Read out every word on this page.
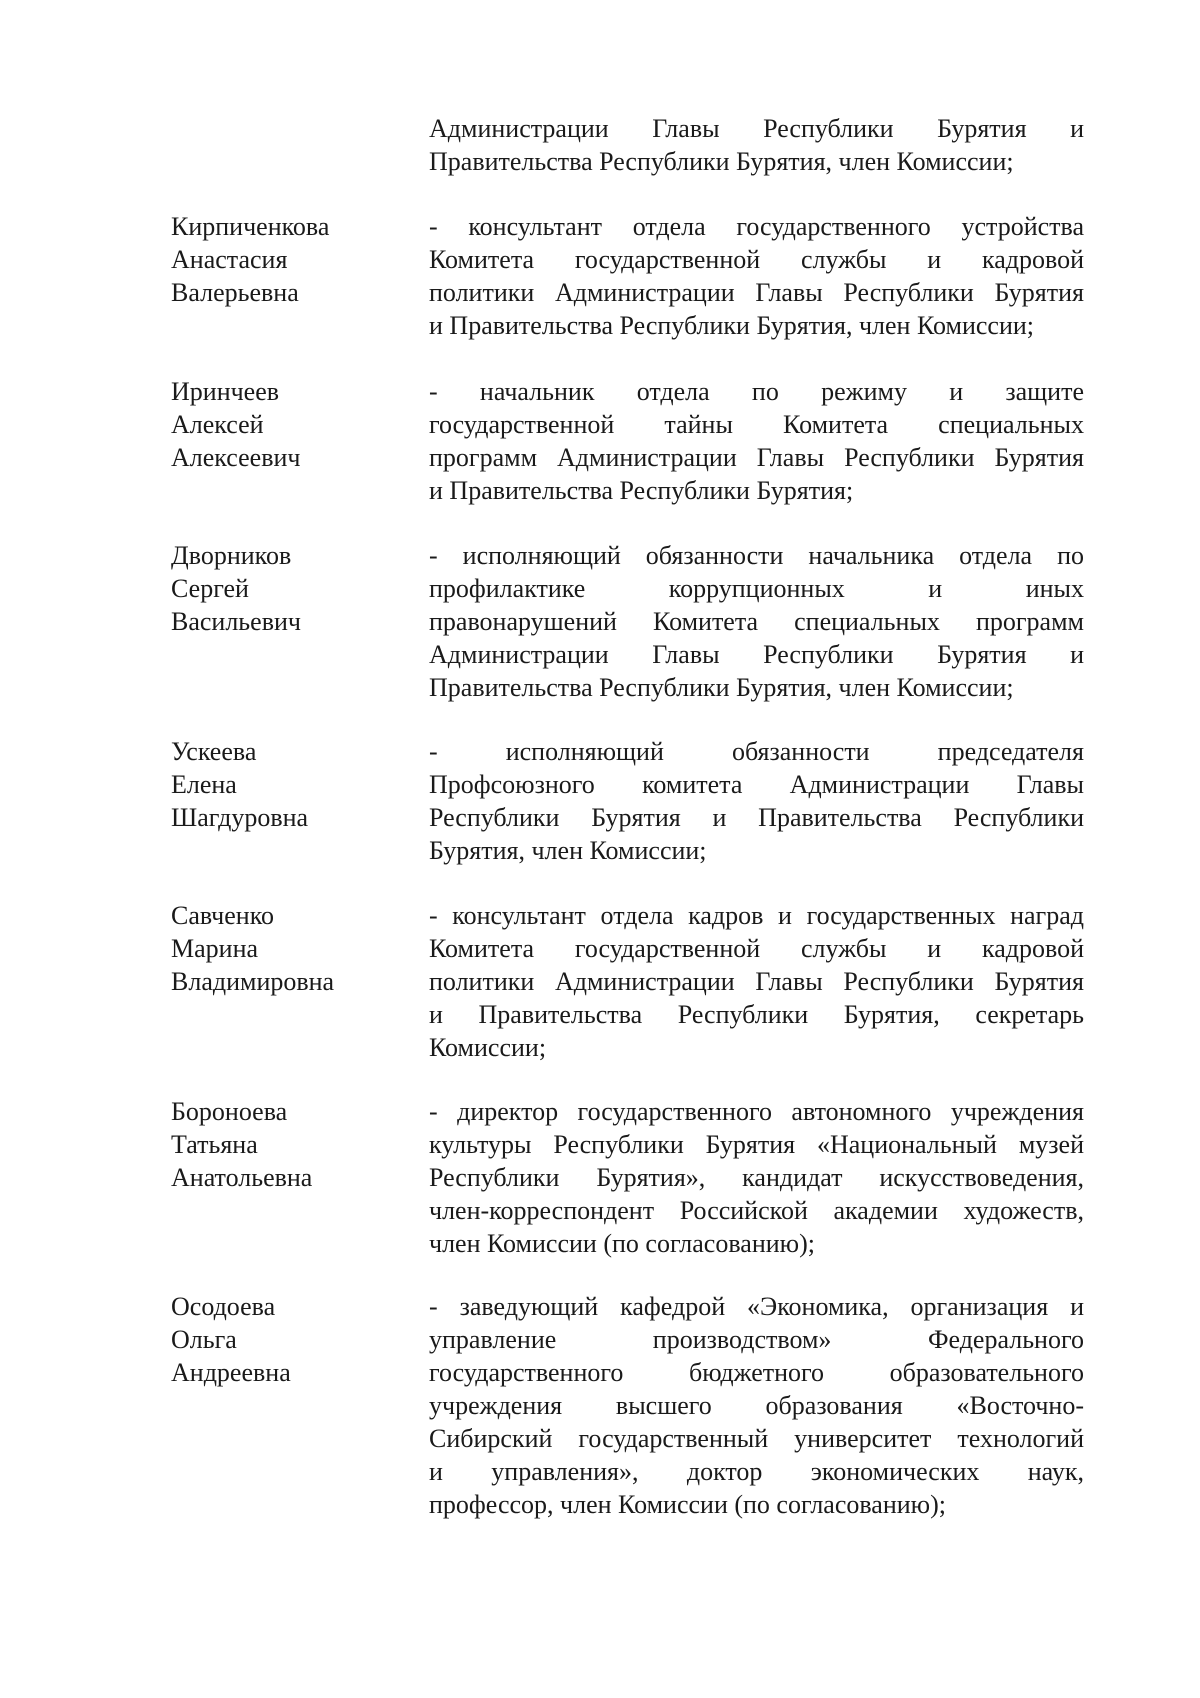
Администрации Главы Республики Бурятия и
Правительства Республики Бурятия, член Комиссии;
Кирпиченкова
Анастасия
Валерьевна
- консультант отдела государственного устройства
Комитета государственной службы и кадровой
политики Администрации Главы Республики Бурятия
и Правительства Республики Бурятия, член Комиссии;
Иринчеев
Алексей
Алексеевич
- начальник отдела по режиму и защите
государственной тайны Комитета специальных
программ Администрации Главы Республики Бурятия
и Правительства Республики Бурятия;
Дворников
Сергей
Васильевич
- исполняющий обязанности начальника отдела по
профилактике коррупционных и иных
правонарушений Комитета специальных программ
Администрации Главы Республики Бурятия и
Правительства Республики Бурятия, член Комиссии;
Ускеева
Елена
Шагдуровна
- исполняющий обязанности председателя
Профсоюзного комитета Администрации Главы
Республики Бурятия и Правительства Республики
Бурятия, член Комиссии;
Савченко
Марина
Владимировна
- консультант отдела кадров и государственных наград
Комитета государственной службы и кадровой
политики Администрации Главы Республики Бурятия
и Правительства Республики Бурятия, секретарь
Комиссии;
Бороноева
Татьяна
Анатольевна
- директор государственного автономного учреждения
культуры Республики Бурятия «Национальный музей
Республики Бурятия», кандидат искусствоведения,
член-корреспондент Российской академии художеств,
член Комиссии (по согласованию);
Осодоева
Ольга
Андреевна
- заведующий кафедрой «Экономика, организация и
управление производством» Федерального
государственного бюджетного образовательного
учреждения высшего образования «Восточно-
Сибирский государственный университет технологий
и управления», доктор экономических наук,
профессор, член Комиссии (по согласованию);
